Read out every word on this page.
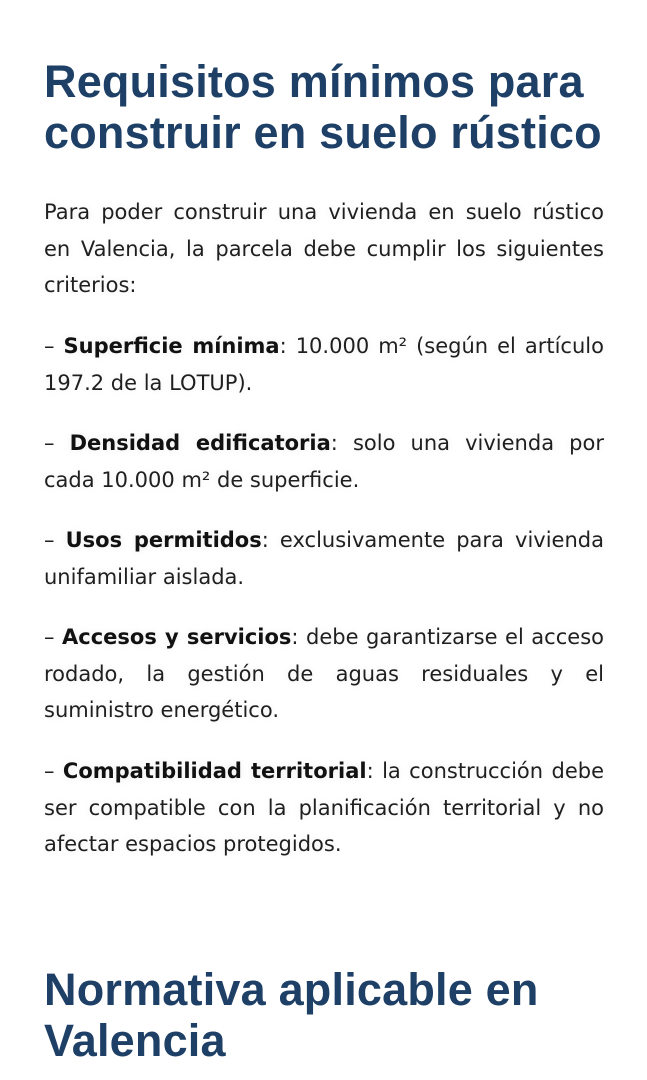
Requisitos mínimos para construir en suelo rústico

Para poder construir una vivienda en suelo rústico en Valencia, la parcela debe cumplir los siguientes criterios:

– Superficie mínima: 10.000 m² (según el artículo 197.2 de la LOTUP).

– Densidad edificatoria: solo una vivienda por cada 10.000 m² de superficie.

– Usos permitidos: exclusivamente para vivienda unifamiliar aislada.

– Accesos y servicios: debe garantizarse el acceso rodado, la gestión de aguas residuales y el suministro energético.

– Compatibilidad territorial: la construcción debe ser compatible con la planificación territorial y no afectar espacios protegidos.

Normativa aplicable en Valencia
